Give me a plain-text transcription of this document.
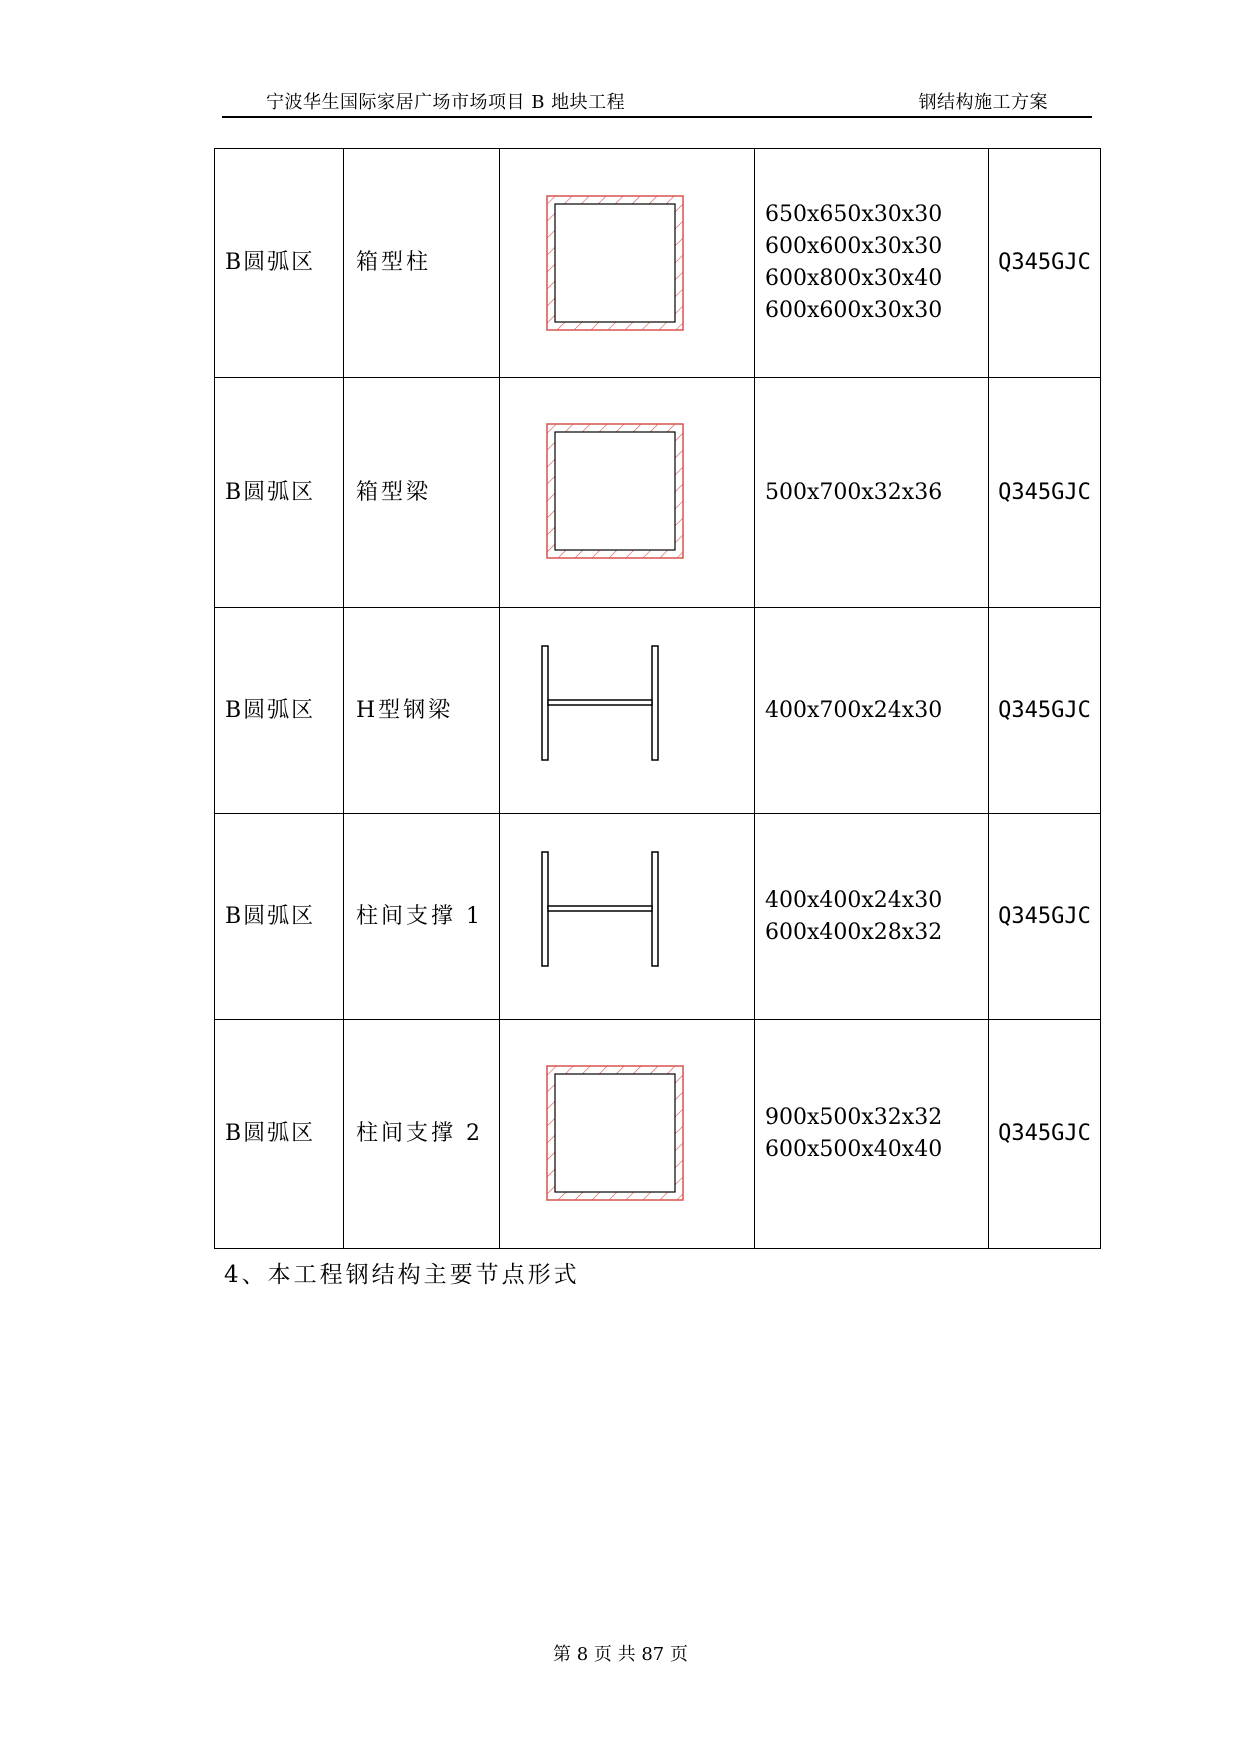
宁波华生国际家居广场市场项目 B 地块工程	钢结构施工方案
B圆弧区	箱型柱		650x650x30x30
600x600x30x30
600x800x30x40
600x600x30x30	Q345GJC
B圆弧区	箱型梁		500x700x32x36	Q345GJC
B圆弧区	H型钢梁		400x700x24x30	Q345GJC
B圆弧区	柱间支撑 1		400x400x24x30
600x400x28x32	Q345GJC
B圆弧区	柱间支撑 2		900x500x32x32
600x500x40x40	Q345GJC
4、本工程钢结构主要节点形式
第 8 页 共 87 页
